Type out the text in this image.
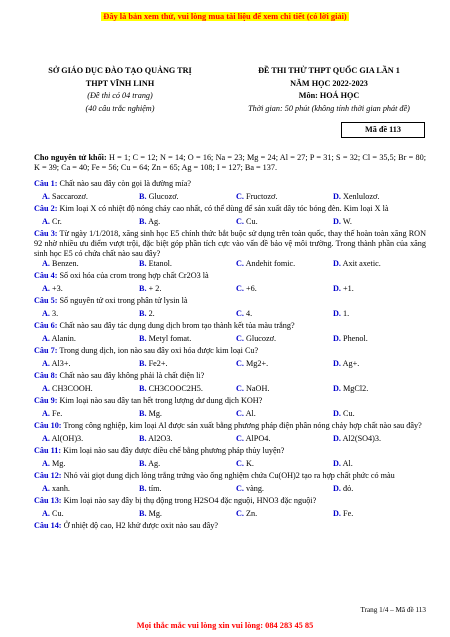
Đây là bản xem thử, vui lòng mua tài liệu để xem chi tiết (có lời giải)
SỞ GIÁO DỤC ĐÀO TẠO QUẢNG TRỊ
THPT VĨNH LINH
(Đề thi có 04 trang)
(40 câu trắc nghiệm)
ĐỀ THI THỬ THPT QUỐC GIA LẦN 1
NĂM HỌC 2022-2023
Môn: HOÁ HỌC
Thời gian: 50 phút (không tính thời gian phát đề)
Mã đề 113
Cho nguyên tử khối: H = 1; C = 12; N = 14; O = 16; Na = 23; Mg = 24; Al = 27; P = 31; S = 32; Cl = 35,5; Br = 80; K = 39; Ca = 40; Fe = 56; Cu = 64; Zn = 65; Ag = 108; I = 127; Ba = 137.
Câu 1: Chất nào sau đây còn gọi là đường mía?
A. Saccarozơ.	B. Glucozơ.	C. Fructozơ.	D. Xenlulozơ.
Câu 2: Kim loại X có nhiệt độ nóng chảy cao nhất, có thể dùng để sản xuất dây tóc bóng đèn. Kim loại X là
A. Cr.	B. Ag.	C. Cu.	D. W.
Câu 3: Từ ngày 1/1/2018, xăng sinh học E5 chính thức bắt buộc sử dụng trên toàn quốc, thay thế hoàn toàn xăng RON 92 nhờ nhiều ưu điểm vượt trội, đặc biệt góp phần tích cực vào vấn đề bảo vệ môi trường. Trong thành phần của xăng sinh học E5 có chứa chất nào sau đây?
A. Benzen.	B. Etanol.	C. Andehit fomic.	D. Axit axetic.
Câu 4: Số oxi hóa của crom trong hợp chất Cr2O3 là
A. +3.	B. + 2.	C. +6.	D. +1.
Câu 5: Số nguyên tử oxi trong phân tử lysin là
A. 3.	B. 2.	C. 4.	D. 1.
Câu 6: Chất nào sau đây tác dụng dung dịch brom tạo thành kết tủa màu trắng?
A. Alanin.	B. Metyl fomat.	C. Glucozơ.	D. Phenol.
Câu 7: Trong dung dịch, ion nào sau đây oxi hóa được kim loại Cu?
A. Al3+.	B. Fe2+.	C. Mg2+.	D. Ag+.
Câu 8: Chất nào sau đây không phải là chất điện li?
A. CH3COOH.	B. CH3COOC2H5.	C. NaOH.	D. MgCl2.
Câu 9: Kim loại nào sau đây tan hết trong lượng dư dung dịch KOH?
A. Fe.	B. Mg.	C. Al.	D. Cu.
Câu 10: Trong công nghiệp, kim loại Al được sản xuất bằng phương pháp điện phân nóng chảy hợp chất nào sau đây?
A. Al(OH)3.	B. Al2O3.	C. AlPO4.	D. Al2(SO4)3.
Câu 11: Kim loại nào sau đây được điều chế bằng phương pháp thủy luyện?
A. Mg.	B. Ag.	C. K.	D. Al.
Câu 12: Nhỏ vài giọt dung dịch lòng trắng trứng vào ống nghiệm chứa Cu(OH)2 tạo ra hợp chất phức có màu
A. xanh.	B. tím.	C. vàng.	D. đỏ.
Câu 13: Kim loại nào say đây bị thụ động trong H2SO4 đặc nguội, HNO3 đặc nguội?
A. Cu.	B. Mg.	C. Zn.	D. Fe.
Câu 14: Ở nhiệt độ cao, H2 khử được oxit nào sau đây?
Trang 1/4 – Mã đề 113
Mọi thắc mắc vui lòng xin vui lòng: 084 283 45 85
